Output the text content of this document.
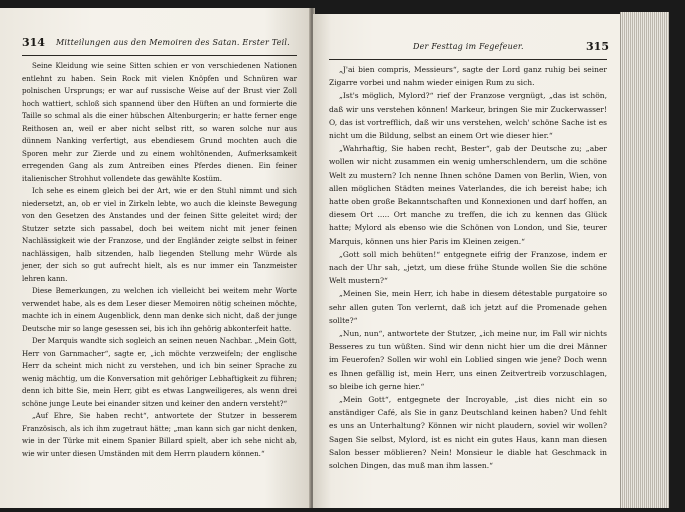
314 Mitteilungen aus den Memoiren des Satan. Erster Teil.

Seine Kleidung wie seine Sitten schien er von verschiedenen Nationen entlehnt zu haben. Sein Rock mit vielen Knöpfen und Schnüren war polnischen Ursprungs; er war auf russische Weise auf der Brust vier Zoll hoch wattiert, schloß sich spannend über den Hüften an und formierte die Taille so schmal als die einer hübschen Altenburgerin; er hatte ferner enge Reithosen an, weil er aber nicht selbst ritt, so waren solche nur aus dünnem Nanking verfertigt, aus ebendiesem Grund mochten auch die Sporen mehr zur Zierde und zu einem wohltönenden, Aufmerksamkeit erregenden Gang als zum Antreiben eines Pferdes dienen. Ein feiner italienischer Strohhut vollendete das gewählte Kostüm.

Ich sehe es einem gleich bei der Art, wie er den Stuhl nimmt und sich niedersetzt, an, ob er viel in Zirkeln lebte, wo auch die kleinste Bewegung von den Gesetzen des Anstandes und der feinen Sitte geleitet wird; der Stutzer setzte sich passabel, doch bei weitem nicht mit jener feinen Nachlässigkeit wie der Franzose, und der Engländer zeigte selbst in feiner nachlässigen, halb sitzenden, halb liegenden Stellung mehr Würde als jener, der sich so gut aufrecht hielt, als es nur immer ein Tanzmeister lehren kann.

Diese Bemerkungen, zu welchen ich vielleicht bei weitem mehr Worte verwendet habe, als es dem Leser dieser Memoiren nötig scheinen möchte, machte ich in einem Augenblick, denn man denke sich nicht, daß der junge Deutsche mir so lange gesessen sei, bis ich ihn gehörig abkonterfeit hatte.

Der Marquis wandte sich sogleich an seinen neuen Nachbar. „Mein Gott, Herr von Garnmacher“, sagte er, „ich möchte verzweifeln; der englische Herr da scheint mich nicht zu verstehen, und ich bin seiner Sprache zu wenig mächtig, um die Konversation mit gehöriger Lebhaftigkeit zu führen; denn ich bitte Sie, mein Herr, gibt es etwas Langweiligeres, als wenn drei schöne junge Leute bei einander sitzen und keiner den andern versteht?“

„Auf Ehre, Sie haben recht“, antwortete der Stutzer in besserem Französisch, als ich ihm zugetraut hätte; „man kann sich gar nicht denken, wie in der Türke mit einem Spanier Billard spielt, aber ich sehe nicht ab, wie wir unter diesen Umständen mit dem Herrn plaudern können.“

Der Festtag im Fegefeuer.	315

„J'ai bien compris, Messieurs“, sagte der Lord ganz ruhig bei seiner Zigarre vorbei und nahm wieder einigen Rum zu sich.

„Ist's möglich, Mylord?“ rief der Franzose vergnügt, „das ist schön, daß wir uns verstehen können! Markeur, bringen Sie mir Zuckerwasser! O, das ist vortrefflich, daß wir uns verstehen, welch' schöne Sache ist es nicht um die Bildung, selbst an einem Ort wie dieser hier.“

„Wahrhaftig, Sie haben recht, Bester“, gab der Deutsche zu; „aber wollen wir nicht zusammen ein wenig umherschlendern, um die schöne Welt zu mustern? Ich nenne Ihnen schöne Damen von Berlin, Wien, von allen möglichen Städten meines Vaterlandes, die ich bereist habe; ich hatte oben große Bekanntschaften und Konnexionen und darf hoffen, an diesem Ort ..... Ort manche zu treffen, die ich zu kennen das Glück hatte; Mylord als ebenso wie die Schönen von London, und Sie, teurer Marquis, können uns hier Paris im Kleinen zeigen.“

„Gott soll mich behüten!“ entgegnete eifrig der Franzose, indem er nach der Uhr sah, „jetzt, um diese frühe Stunde wollen Sie die schöne Welt mustern?“

„Meinen Sie, mein Herr, ich habe in diesem détestable purgatoire so sehr allen guten Ton verlernt, daß ich jetzt auf die Promenade gehen sollte?“

„Nun, nun“, antwortete der Stutzer, „ich meine nur, im Fall wir nichts Besseres zu tun wüßten. Sind wir denn nicht hier um die drei Männer im Feuerofen? Sollen wir wohl ein Loblied singen wie jene? Doch wenn es Ihnen gefällig ist, mein Herr, uns einen Zeitvertreib vorzuschlagen, so bleibe ich gerne hier.“

„Mein Gott“, entgegnete der Incroyable, „ist dies nicht ein so anständiger Café, als Sie in ganz Deutschland keinen haben? Und fehlt es uns an Unterhaltung? Können wir nicht plaudern, soviel wir wollen? Sagen Sie selbst, Mylord, ist es nicht ein gutes Haus, kann man diesen Salon besser möblieren? Nein! Monsieur le diable hat Geschmack in solchen Dingen, das muß man ihm lassen.“
